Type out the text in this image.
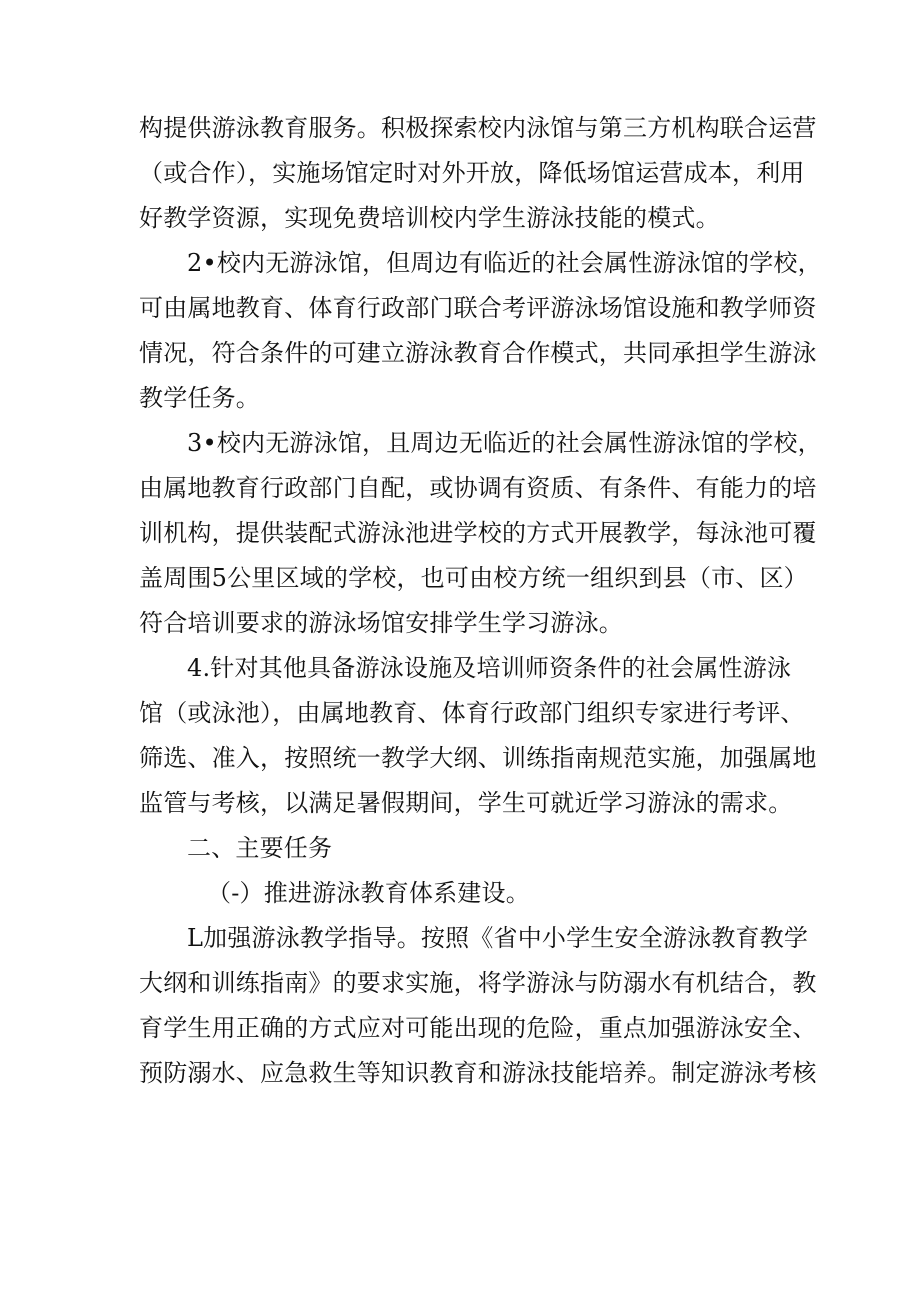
构提供游泳教育服务。积极探索校内泳馆与第三方机构联合运营
（或合作），实施场馆定时对外开放，降低场馆运营成本，利用
好教学资源，实现免费培训校内学生游泳技能的模式。
2•校内无游泳馆，但周边有临近的社会属性游泳馆的学校，
可由属地教育、体育行政部门联合考评游泳场馆设施和教学师资
情况，符合条件的可建立游泳教育合作模式，共同承担学生游泳
教学任务。
3•校内无游泳馆，且周边无临近的社会属性游泳馆的学校，
由属地教育行政部门自配，或协调有资质、有条件、有能力的培
训机构，提供装配式游泳池进学校的方式开展教学，每泳池可覆
盖周围5公里区域的学校，也可由校方统一组织到县（市、区）
符合培训要求的游泳场馆安排学生学习游泳。
4.针对其他具备游泳设施及培训师资条件的社会属性游泳
馆（或泳池），由属地教育、体育行政部门组织专家进行考评、
筛选、准入，按照统一教学大纲、训练指南规范实施，加强属地
监管与考核，以满足暑假期间，学生可就近学习游泳的需求。
二、主要任务
（-）推进游泳教育体系建设。
L加强游泳教学指导。按照《省中小学生安全游泳教育教学
大纲和训练指南》的要求实施，将学游泳与防溺水有机结合，教
育学生用正确的方式应对可能出现的危险，重点加强游泳安全、
预防溺水、应急救生等知识教育和游泳技能培养。制定游泳考核
